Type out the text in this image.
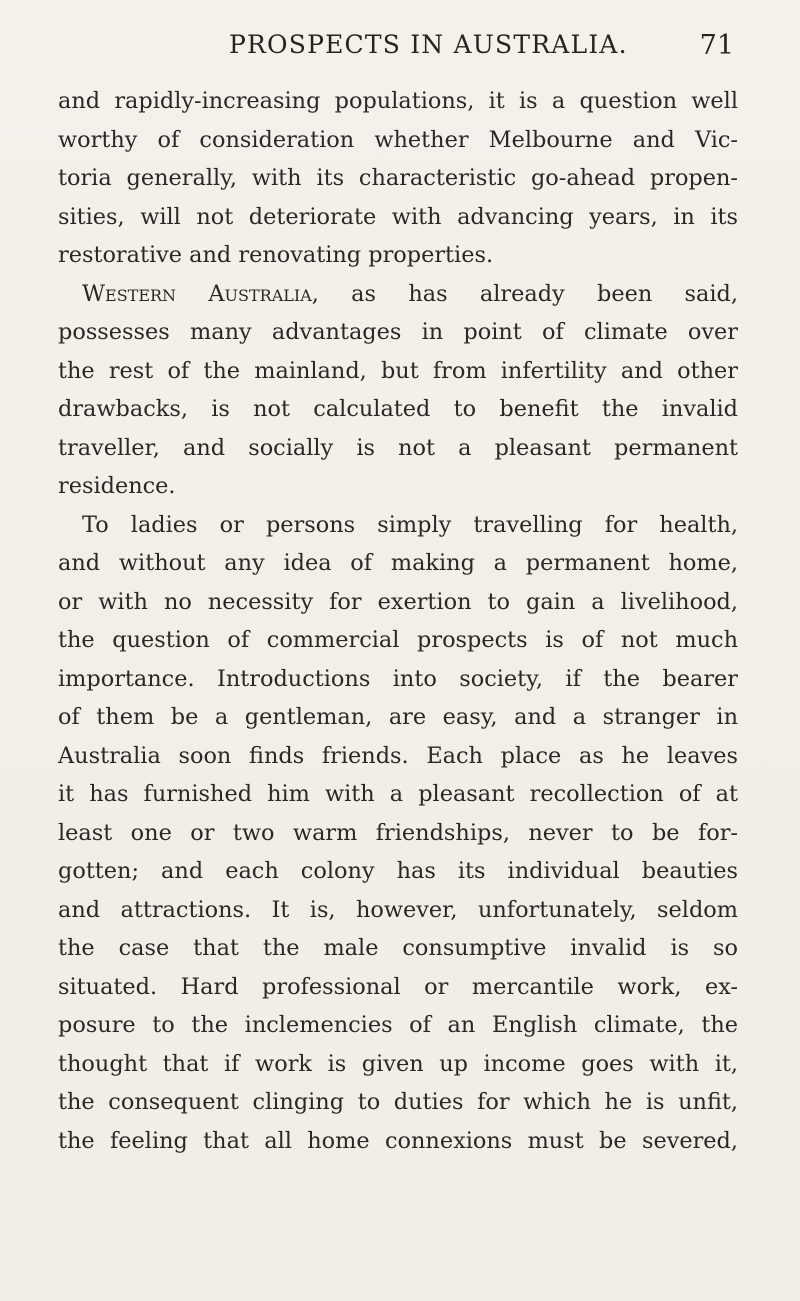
PROSPECTS IN AUSTRALIA.	71
and rapidly-increasing populations, it is a question well
worthy of consideration whether Melbourne and Vic-
toria generally, with its characteristic go-ahead propen-
sities, will not deteriorate with advancing years, in its
restorative and renovating properties.
Western Australia, as has already been said,
possesses many advantages in point of climate over
the rest of the mainland, but from infertility and other
drawbacks, is not calculated to benefit the invalid
traveller, and socially is not a pleasant permanent
residence.
To ladies or persons simply travelling for health,
and without any idea of making a permanent home,
or with no necessity for exertion to gain a livelihood,
the question of commercial prospects is of not much
importance. Introductions into society, if the bearer
of them be a gentleman, are easy, and a stranger in
Australia soon finds friends. Each place as he leaves
it has furnished him with a pleasant recollection of at
least one or two warm friendships, never to be for-
gotten; and each colony has its individual beauties
and attractions. It is, however, unfortunately, seldom
the case that the male consumptive invalid is so
situated. Hard professional or mercantile work, ex-
posure to the inclemencies of an English climate, the
thought that if work is given up income goes with it,
the consequent clinging to duties for which he is unfit,
the feeling that all home connexions must be severed,
